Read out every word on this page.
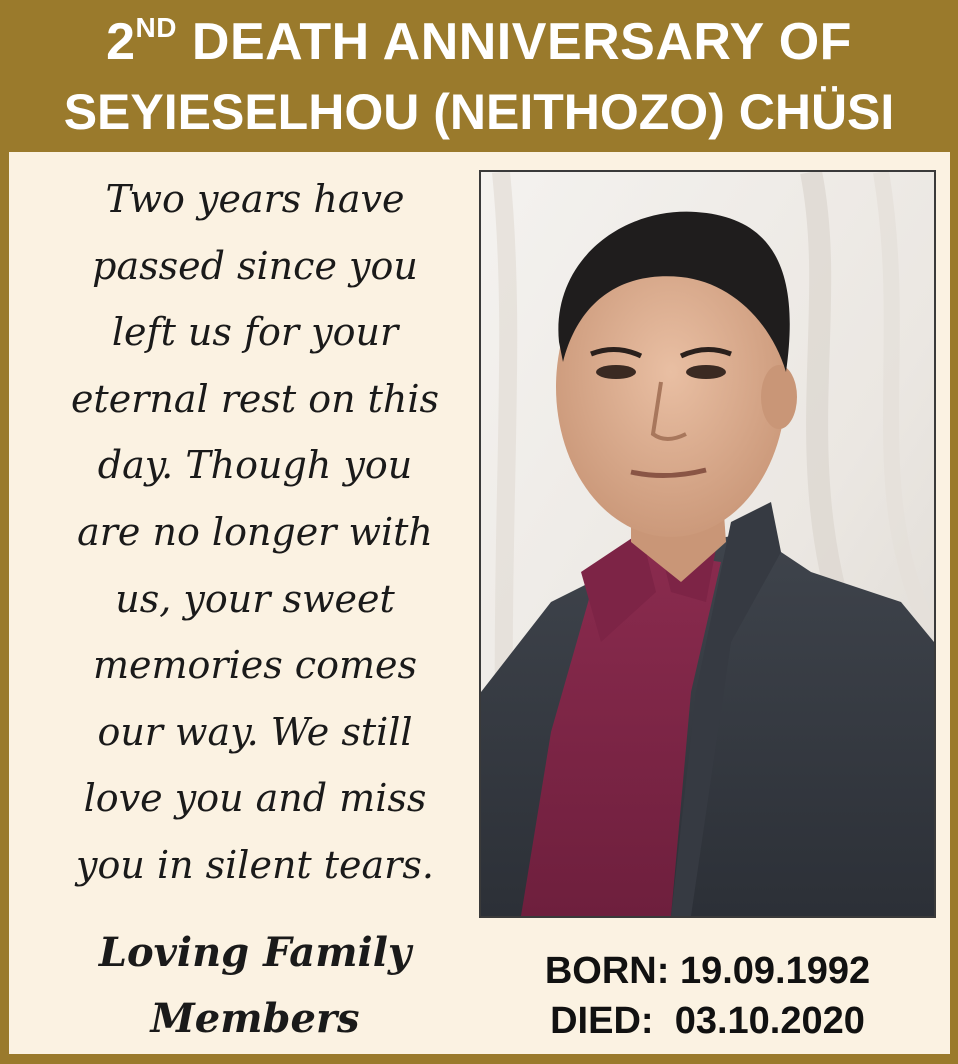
2ND DEATH ANNIVERSARY OF
SEYIESELHOU (NEITHOZO) CHÜSI
Two years have
passed since you
left us for your
eternal rest on this
day. Though you
are no longer with
us, your sweet
memories comes
our way. We still
love you and miss
you in silent tears.
Loving Family
Members
BORN: 19.09.1992
DIED: 03.10.2020
